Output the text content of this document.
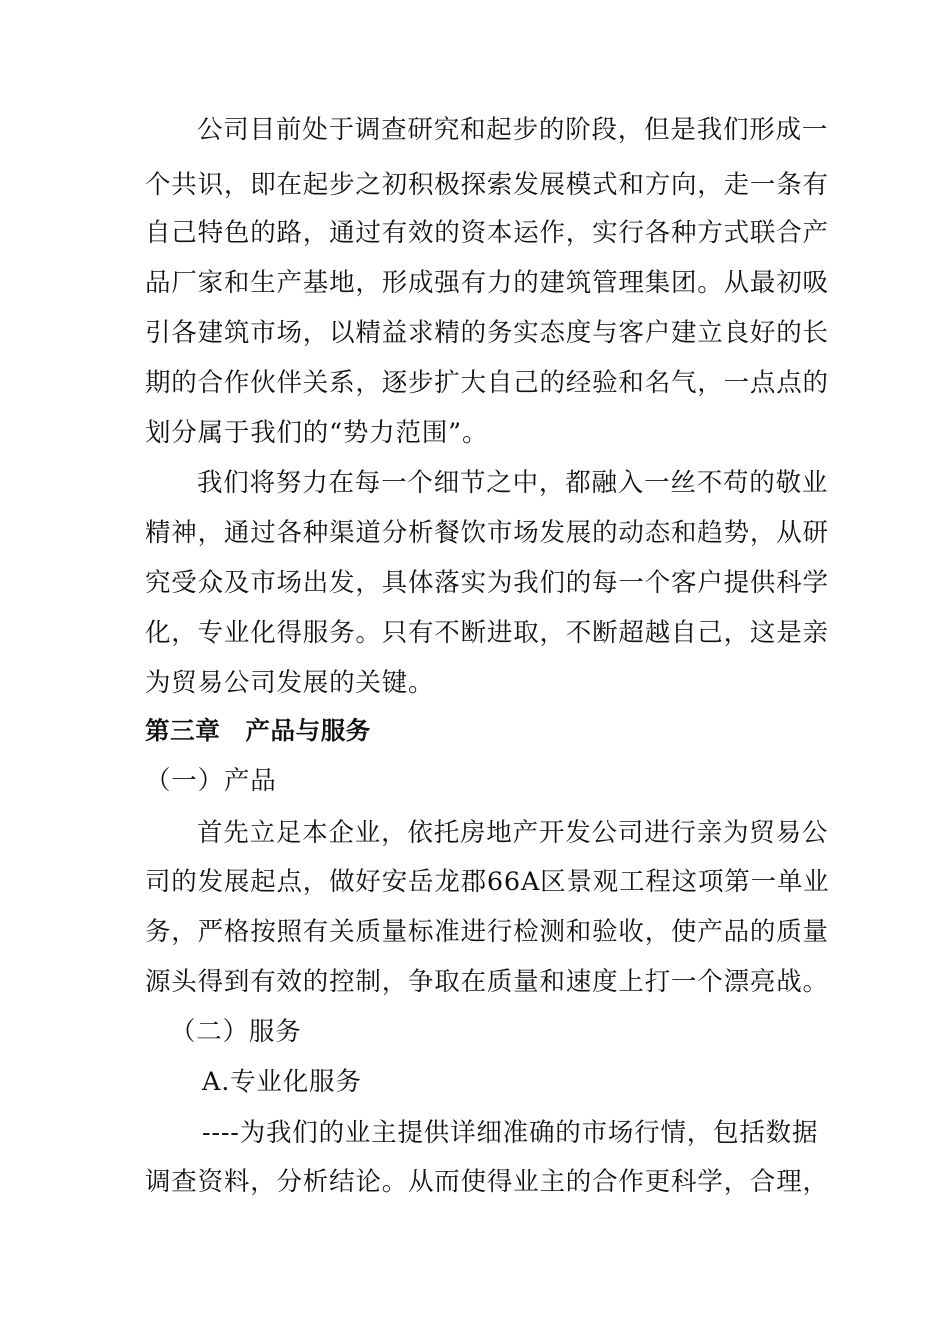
公司目前处于调查研究和起步的阶段，但是我们形成一
个共识，即在起步之初积极探索发展模式和方向，走一条有
自己特色的路，通过有效的资本运作，实行各种方式联合产
品厂家和生产基地，形成强有力的建筑管理集团。从最初吸
引各建筑市场，以精益求精的务实态度与客户建立良好的长
期的合作伙伴关系，逐步扩大自己的经验和名气，一点点的
划分属于我们的“势力范围”。
我们将努力在每一个细节之中，都融入一丝不苟的敬业
精神，通过各种渠道分析餐饮市场发展的动态和趋势，从研
究受众及市场出发，具体落实为我们的每一个客户提供科学
化，专业化得服务。只有不断进取，不断超越自己，这是亲
为贸易公司发展的关键。
第三章　产品与服务
（一）产品
首先立足本企业，依托房地产开发公司进行亲为贸易公
司的发展起点，做好安岳龙郡66A区景观工程这项第一单业
务，严格按照有关质量标准进行检测和验收，使产品的质量
源头得到有效的控制，争取在质量和速度上打一个漂亮战。
（二）服务
A.专业化服务
----为我们的业主提供详细准确的市场行情，包括数据
调查资料，分析结论。从而使得业主的合作更科学，合理，
